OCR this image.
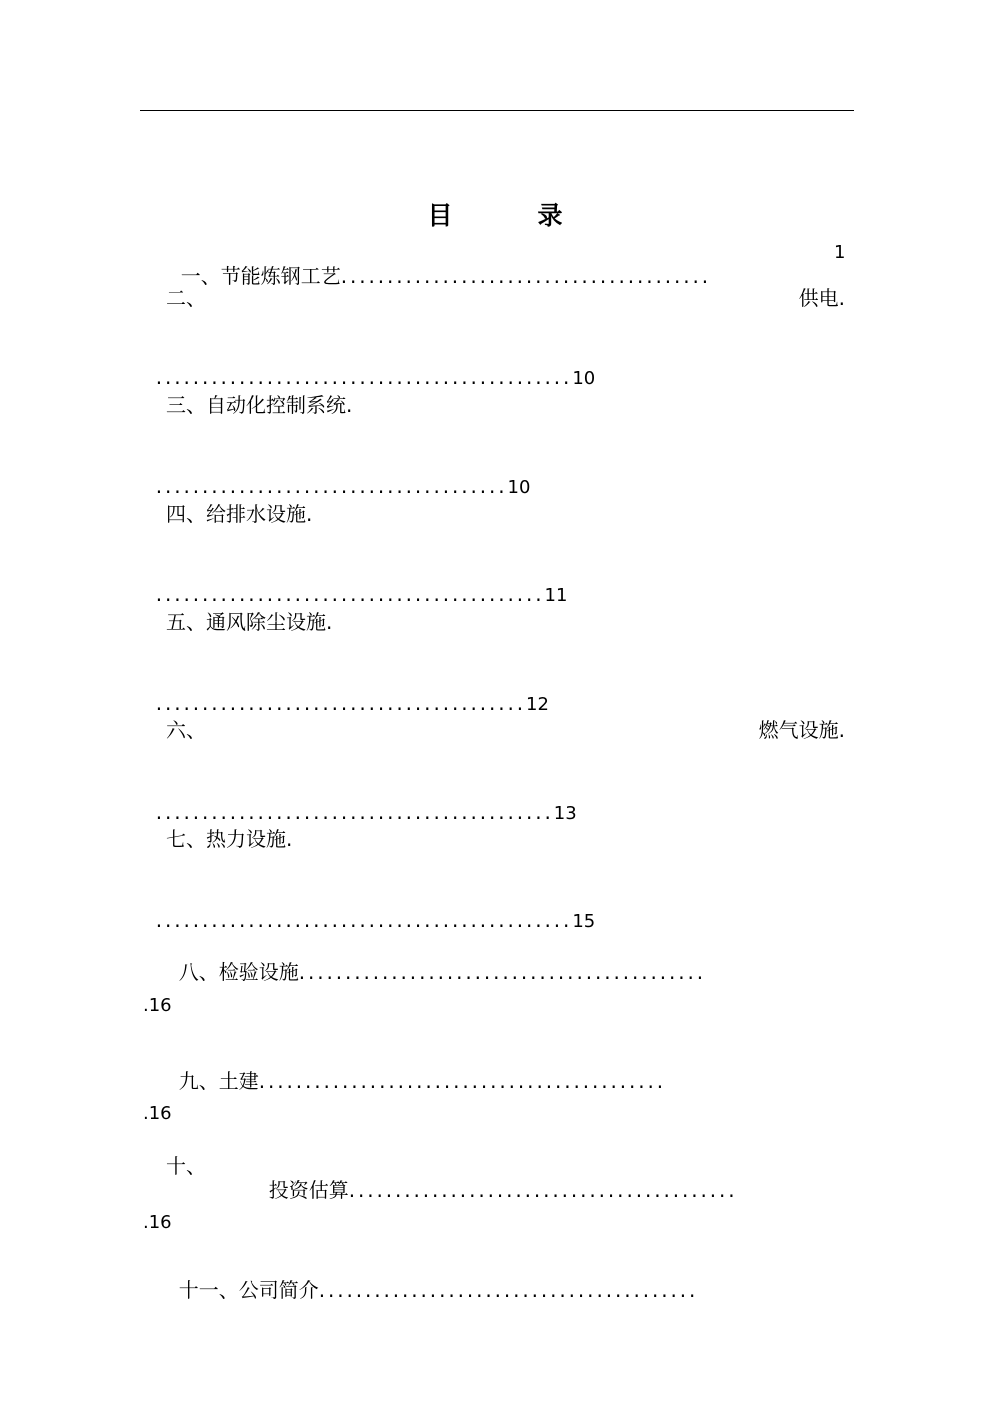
目       录

一、节能炼钢工艺........................................

1
二、	供电.

.............................................10

三、自动化控制系统.

......................................10

四、给排水设施.

..........................................11

五、通风除尘设施.

........................................12

六、	燃气设施.

...........................................13

七、热力设施.

.............................................15

八、检验设施............................................

.16

九、土建............................................

.16
十、

投资估算..........................................

.16

十一、公司简介.........................................
